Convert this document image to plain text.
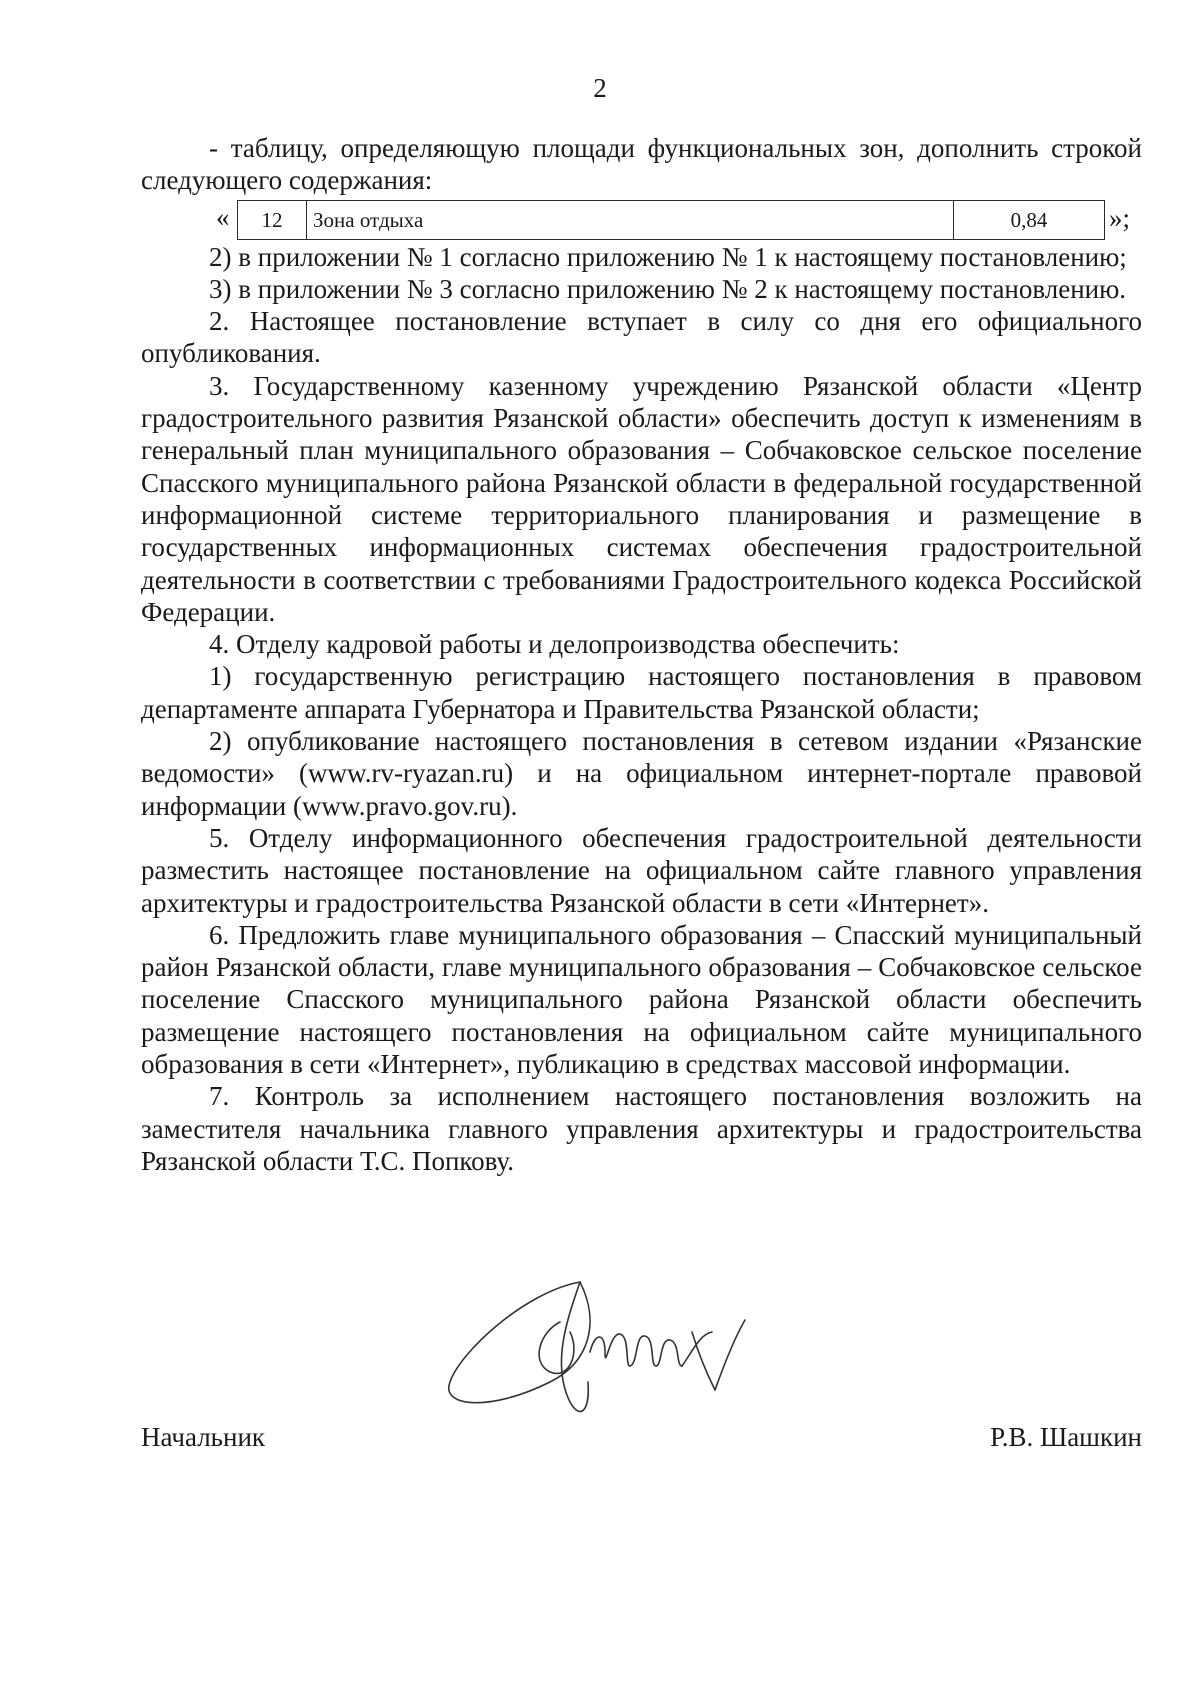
2

- таблицу, определяющую площади функциональных зон, дополнить строкой следующего содержания:

« 12	Зона отдыха	0,84 »;

2) в приложении № 1 согласно приложению № 1 к настоящему постановлению;

3) в приложении № 3 согласно приложению № 2 к настоящему постановлению.

2. Настоящее постановление вступает в силу со дня его официального опубликования.

3. Государственному казенному учреждению Рязанской области «Центр градостроительного развития Рязанской области» обеспечить доступ к изменениям в генеральный план муниципального образования – Собчаковское сельское поселение Спасского муниципального района Рязанской области в федеральной государственной информационной системе территориального планирования и размещение в государственных информационных системах обеспечения градостроительной деятельности в соответствии с требованиями Градостроительного кодекса Российской Федерации.

4. Отделу кадровой работы и делопроизводства обеспечить:

1) государственную регистрацию настоящего постановления в правовом департаменте аппарата Губернатора и Правительства Рязанской области;

2) опубликование настоящего постановления в сетевом издании «Рязанские ведомости» (www.rv-ryazan.ru) и на официальном интернет-портале правовой информации (www.pravo.gov.ru).

5. Отделу информационного обеспечения градостроительной деятельности разместить настоящее постановление на официальном сайте главного управления архитектуры и градостроительства Рязанской области в сети «Интернет».

6. Предложить главе муниципального образования – Спасский муниципальный район Рязанской области, главе муниципального образования – Собчаковское сельское поселение Спасского муниципального района Рязанской области обеспечить размещение настоящего постановления на официальном сайте муниципального образования в сети «Интернет», публикацию в средствах массовой информации.

7. Контроль за исполнением настоящего постановления возложить на заместителя начальника главного управления архитектуры и градостроительства Рязанской области Т.С. Попкову.

Начальник	Р.В. Шашкин
